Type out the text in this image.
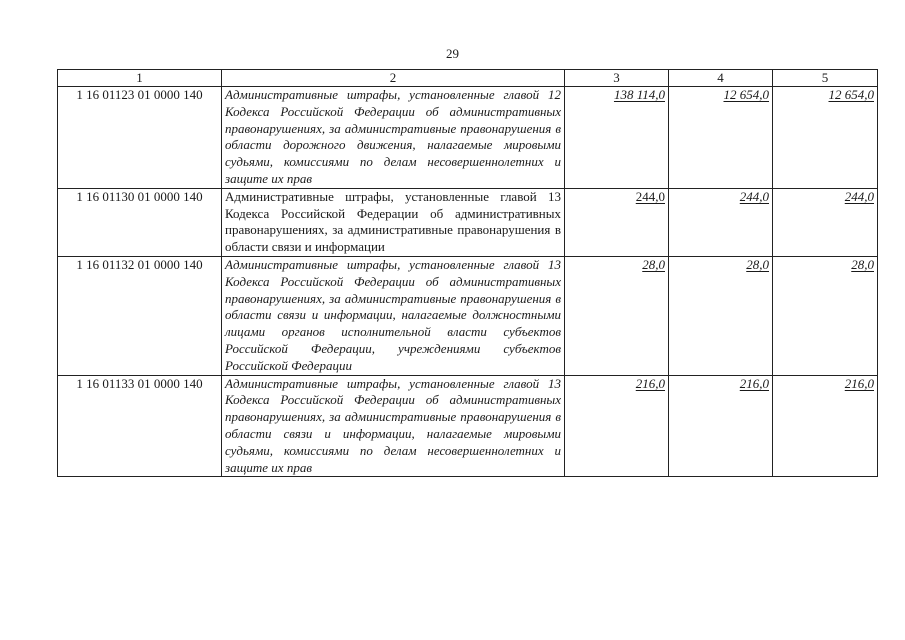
29
1	2	3	4	5
1 16 01123 01 0000 140	Административные штрафы, установленные главой 12 Кодекса Российской Федерации об административных правонарушениях, за административные правонарушения в области дорожного движения, налагаемые мировыми судьями, комиссиями по делам несовершеннолетних и защите их прав	138 114,0	12 654,0	12 654,0
1 16 01130 01 0000 140	Административные штрафы, установленные главой 13 Кодекса Российской Федерации об административных правонарушениях, за административные правонарушения в области связи и информации	244,0	244,0	244,0
1 16 01132 01 0000 140	Административные штрафы, установленные главой 13 Кодекса Российской Федерации об административных правонарушениях, за административные правонарушения в области связи и информации, налагаемые должностными лицами органов исполнительной власти субъектов Российской Федерации, учреждениями субъектов Российской Федерации	28,0	28,0	28,0
1 16 01133 01 0000 140	Административные штрафы, установленные главой 13 Кодекса Российской Федерации об административных правонарушениях, за административные правонарушения в области связи и информации, налагаемые мировыми судьями, комиссиями по делам несовершеннолетних и защите их прав	216,0	216,0	216,0
